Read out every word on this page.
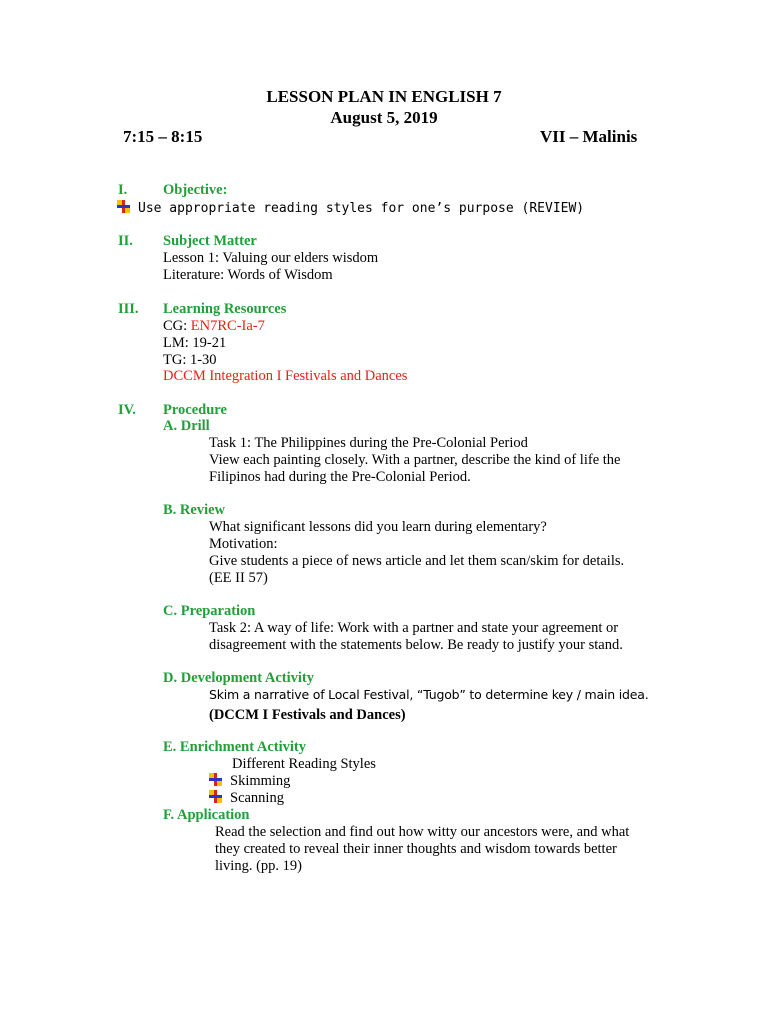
LESSON PLAN IN ENGLISH 7
August 5, 2019
7:15 – 8:15	VII – Malinis
I. Objective:
Use appropriate reading styles for one’s purpose (REVIEW)
II. Subject Matter
Lesson 1: Valuing our elders wisdom
Literature: Words of Wisdom
III. Learning Resources
CG: EN7RC-Ia-7
LM: 19-21
TG: 1-30
DCCM Integration I Festivals and Dances
IV. Procedure
A. Drill
Task 1: The Philippines during the Pre-Colonial Period
View each painting closely. With a partner, describe the kind of life the
Filipinos had during the Pre-Colonial Period.
B. Review
What significant lessons did you learn during elementary?
Motivation:
Give students a piece of news article and let them scan/skim for details.
(EE II 57)
C. Preparation
Task 2: A way of life: Work with a partner and state your agreement or
disagreement with the statements below. Be ready to justify your stand.
D. Development Activity
Skim a narrative of Local Festival, “Tugob” to determine key / main idea.
(DCCM I Festivals and Dances)
E. Enrichment Activity
Different Reading Styles
Skimming
Scanning
F. Application
Read the selection and find out how witty our ancestors were, and what
they created to reveal their inner thoughts and wisdom towards better
living. (pp. 19)
